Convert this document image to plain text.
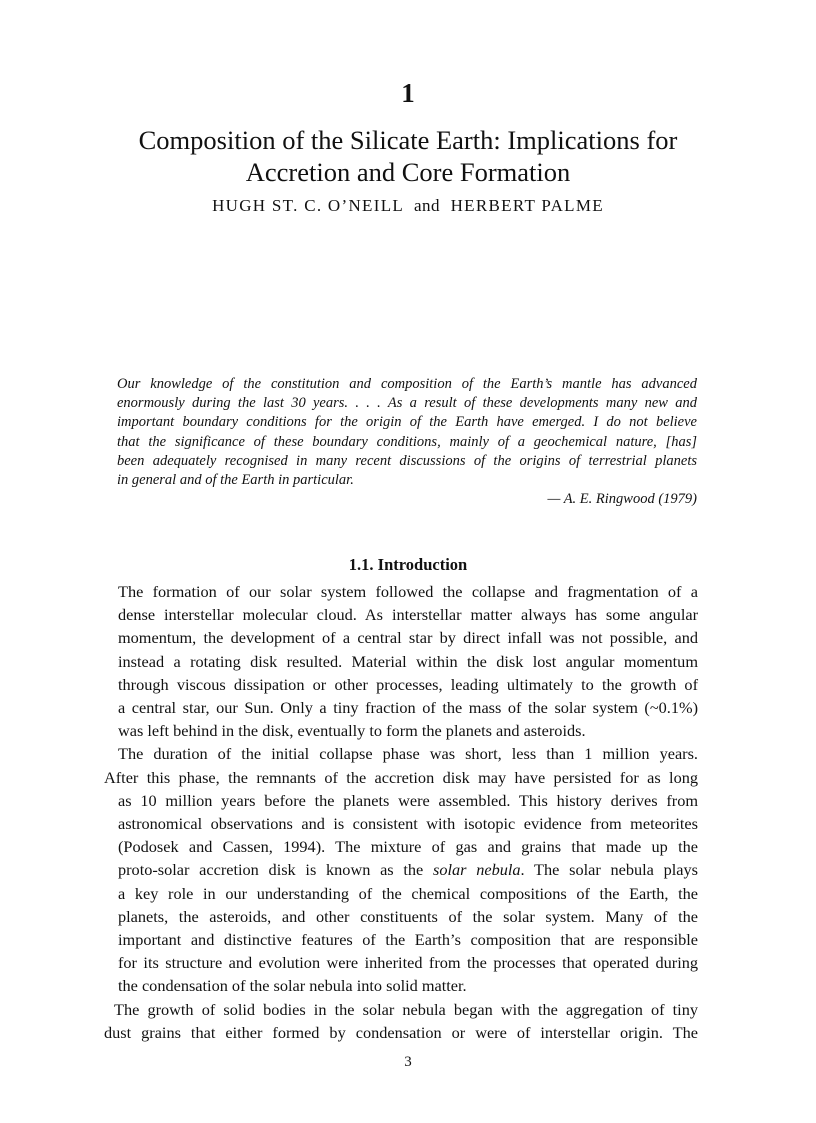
1
Composition of the Silicate Earth: Implications for
Accretion and Core Formation
HUGH ST. C. O’NEILL and HERBERT PALME
Our knowledge of the constitution and composition of the Earth’s mantle has advanced
enormously during the last 30 years. . . . As a result of these developments many new and
important boundary conditions for the origin of the Earth have emerged. I do not believe
that the significance of these boundary conditions, mainly of a geochemical nature, [has]
been adequately recognised in many recent discussions of the origins of terrestrial planets
in general and of the Earth in particular.
— A. E. Ringwood (1979)
1.1. Introduction
The formation of our solar system followed the collapse and fragmentation of a
dense interstellar molecular cloud. As interstellar matter always has some angular
momentum, the development of a central star by direct infall was not possible, and
instead a rotating disk resulted. Material within the disk lost angular momentum
through viscous dissipation or other processes, leading ultimately to the growth of
a central star, our Sun. Only a tiny fraction of the mass of the solar system (~0.1%)
was left behind in the disk, eventually to form the planets and asteroids.
The duration of the initial collapse phase was short, less than 1 million years.
After this phase, the remnants of the accretion disk may have persisted for as long
as 10 million years before the planets were assembled. This history derives from
astronomical observations and is consistent with isotopic evidence from meteorites
(Podosek and Cassen, 1994). The mixture of gas and grains that made up the
proto-solar accretion disk is known as the solar nebula. The solar nebula plays
a key role in our understanding of the chemical compositions of the Earth, the
planets, the asteroids, and other constituents of the solar system. Many of the
important and distinctive features of the Earth’s composition that are responsible
for its structure and evolution were inherited from the processes that operated during
the condensation of the solar nebula into solid matter.
The growth of solid bodies in the solar nebula began with the aggregation of tiny
dust grains that either formed by condensation or were of interstellar origin. The
3
